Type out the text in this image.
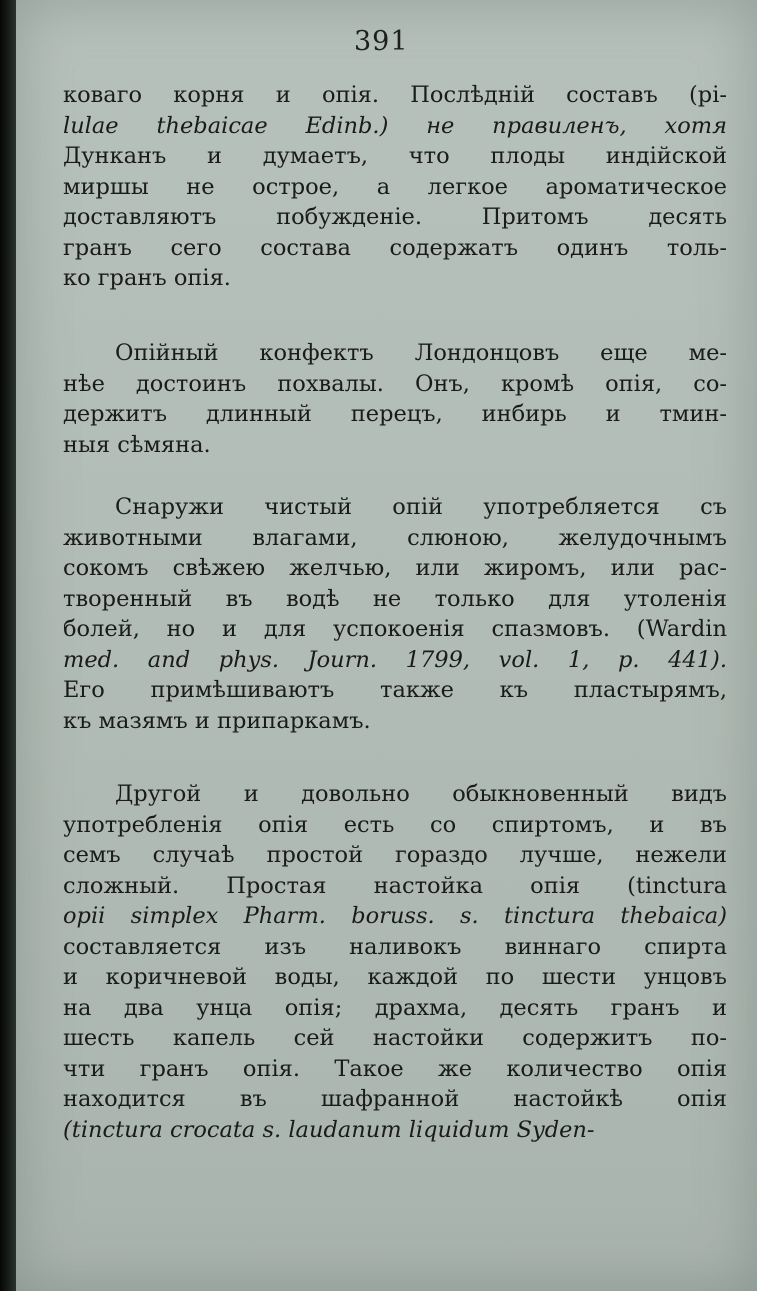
391
коваго корня и опія. Послѣдній составъ (pi-
lulae thebaicae Edinb.) не правиленъ, хотя
Дунканъ и думаетъ, что плоды индійской
миршы не острое, а легкое ароматическое
доставляютъ побужденіе. Притомъ десять
гранъ сего состава содержатъ одинъ толь-
ко гранъ опія.
Опійный конфектъ Лондонцовъ еще ме-
нѣе достоинъ похвалы. Онъ, кромѣ опія, со-
держитъ длинный перецъ, инбирь и тмин-
ныя сѣмяна.
Снаружи чистый опій употребляется съ
животными влагами, слюною, желудочнымъ
сокомъ свѣжею желчью, или жиромъ, или рас-
творенный въ водѣ не только для утоленія
болей, но и для успокоенія спазмовъ. (Wardin
med. and phys. Journ. 1799, vol. 1, p. 441).
Его примѣшиваютъ также къ пластырямъ,
къ мазямъ и припаркамъ.
Другой и довольно обыкновенный видъ
употребленія опія есть со спиртомъ, и въ
семъ случаѣ простой гораздо лучше, нежели
сложный. Простая настойка опія (tinctura
opii simplex Pharm. boruss. s. tinctura thebaica)
составляется изъ наливокъ виннаго спирта
и коричневой воды, каждой по шести унцовъ
на два унца опія; драхма, десять гранъ и
шесть капель сей настойки содержитъ по-
чти гранъ опія. Такое же количество опія
находится въ шафранной настойкѣ опія
(tinctura crocata s. laudanum liquidum Syden-
